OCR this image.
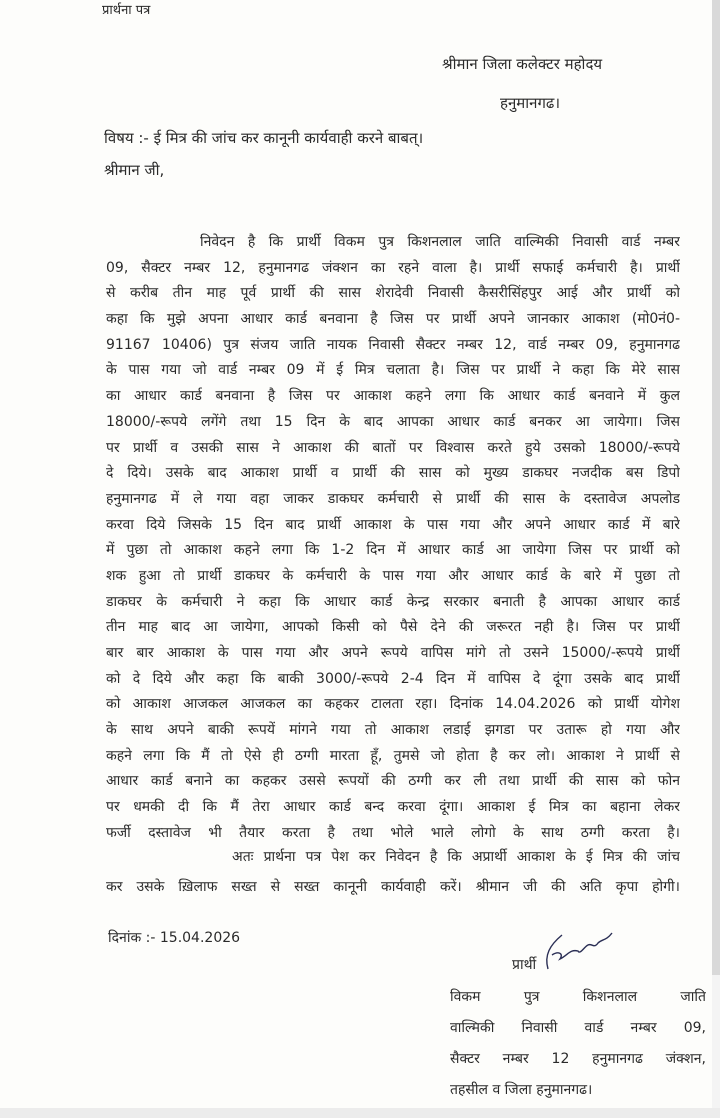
प्रार्थना पत्र
श्रीमान जिला कलेक्टर महोदय
हनुमानगढ।
विषय :- ई मित्र की जांच कर कानूनी कार्यवाही करने बाबत्।
श्रीमान जी,
निवेदन है कि प्रार्थी विकम पुत्र किशनलाल जाति वाल्मिकी निवासी वार्ड नम्बर
09, सैक्टर नम्बर 12, हनुमानगढ जंक्शन का रहने वाला है। प्रार्थी सफाई कर्मचारी है। प्रार्थी
से करीब तीन माह पूर्व प्रार्थी की सास शेरादेवी निवासी कैसरीसिंहपुर आई और प्रार्थी को
कहा कि मुझे अपना आधार कार्ड बनवाना है जिस पर प्रार्थी अपने जानकार आकाश (मो0नं0-
91167 10406) पुत्र संजय जाति नायक निवासी सैक्टर नम्बर 12, वार्ड नम्बर 09, हनुमानगढ
के पास गया जो वार्ड नम्बर 09 में ई मित्र चलाता है। जिस पर प्रार्थी ने कहा कि मेरे सास
का आधार कार्ड बनवाना है जिस पर आकाश कहने लगा कि आधार कार्ड बनवाने में कुल
18000/-रूपये लगेंगे तथा 15 दिन के बाद आपका आधार कार्ड बनकर आ जायेगा। जिस
पर प्रार्थी व उसकी सास ने आकाश की बातों पर विश्वास करते हुये उसको 18000/-रूपये
दे दिये। उसके बाद आकाश प्रार्थी व प्रार्थी की सास को मुख्य डाकघर नजदीक बस डिपो
हनुमानगढ में ले गया वहा जाकर डाकघर कर्मचारी से प्रार्थी की सास के दस्तावेज अपलोड
करवा दिये जिसके 15 दिन बाद प्रार्थी आकाश के पास गया और अपने आधार कार्ड में बारे
में पुछा तो आकाश कहने लगा कि 1-2 दिन में आधार कार्ड आ जायेगा जिस पर प्रार्थी को
शक हुआ तो प्रार्थी डाकघर के कर्मचारी के पास गया और आधार कार्ड के बारे में पुछा तो
डाकघर के कर्मचारी ने कहा कि आधार कार्ड केन्द्र सरकार बनाती है आपका आधार कार्ड
तीन माह बाद आ जायेगा, आपको किसी को पैसे देने की जरूरत नही है। जिस पर प्रार्थी
बार बार आकाश के पास गया और अपने रूपये वापिस मांगे तो उसने 15000/-रूपये प्रार्थी
को दे दिये और कहा कि बाकी 3000/-रूपये 2-4 दिन में वापिस दे दूंगा उसके बाद प्रार्थी
को आकाश आजकल आजकल का कहकर टालता रहा। दिनांक 14.04.2026 को प्रार्थी योगेश
के साथ अपने बाकी रूपयें मांगने गया तो आकाश लडाई झगडा पर उतारू हो गया और
कहने लगा कि मैं तो ऐसे ही ठग्गी मारता हूँ, तुमसे जो होता है कर लो। आकाश ने प्रार्थी से
आधार कार्ड बनाने का कहकर उससे रूपयों की ठग्गी कर ली तथा प्रार्थी की सास को फोन
पर धमकी दी कि मैं तेरा आधार कार्ड बन्द करवा दूंगा। आकाश ई मित्र का बहाना लेकर
फर्जी दस्तावेज भी तैयार करता है तथा भोले भाले लोगो के साथ ठग्गी करता है।
अतः प्रार्थना पत्र पेश कर निवेदन है कि अप्रार्थी आकाश के ई मित्र की जांच
कर उसके ख़िलाफ सख्त से सख्त कानूनी कार्यवाही करें। श्रीमान जी की अति कृपा होगी।
दिनांक :- 15.04.2026
प्रार्थी
विकम पुत्र किशनलाल जाति
वाल्मिकी निवासी वार्ड नम्बर 09,
सैक्टर नम्बर 12 हनुमानगढ जंक्शन,
तहसील व जिला हनुमानगढ।
